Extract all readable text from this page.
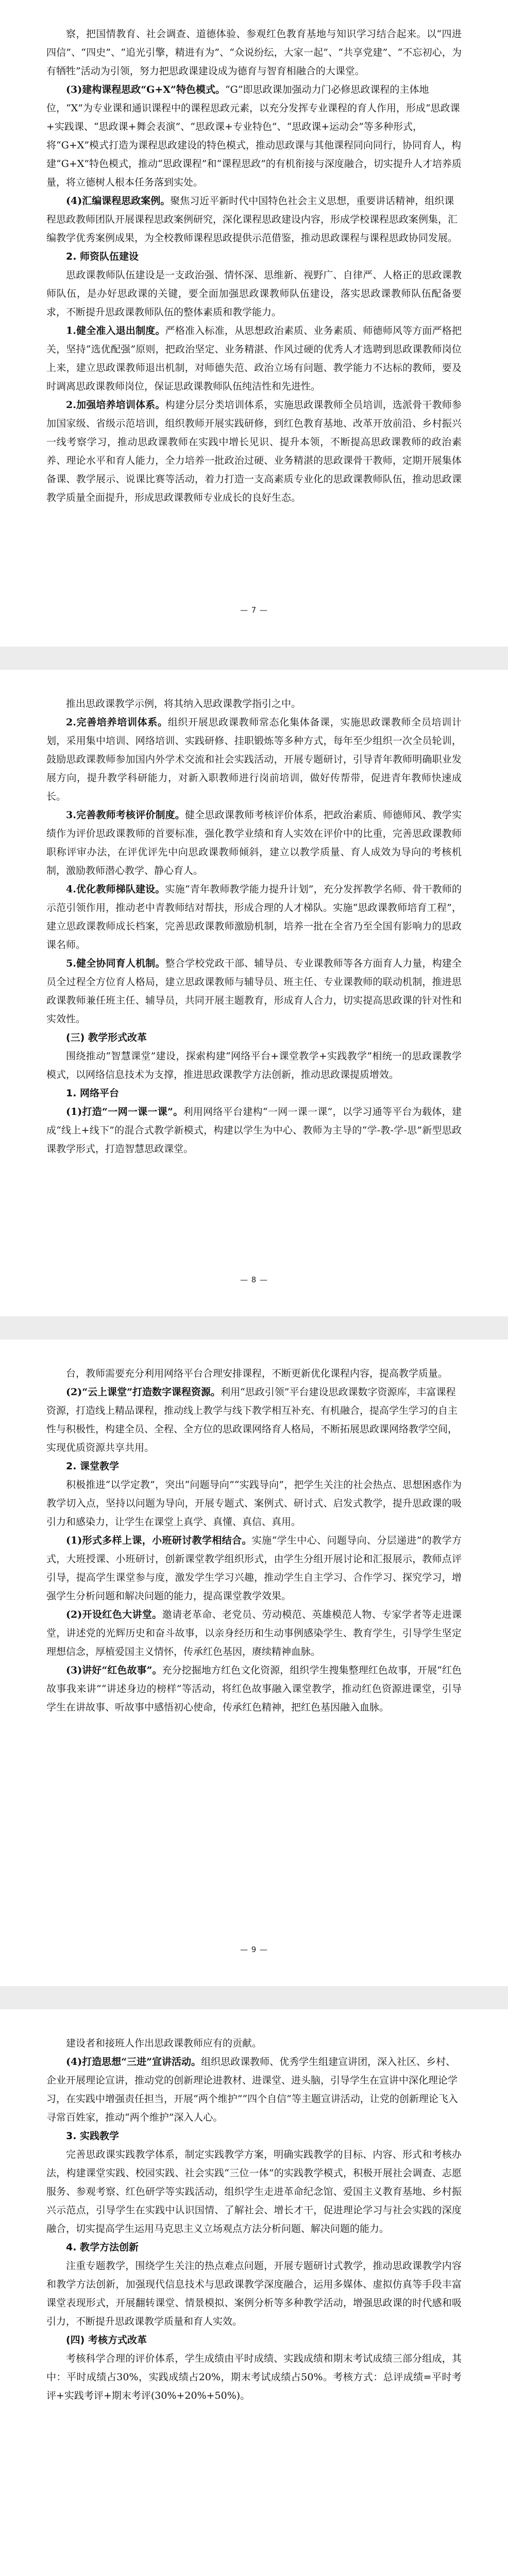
察，把国情教育、社会调查、道德体验、参观红色教育基地与知识学习结合起来。以“四进四信”、“四史”、“追光引擎，精进有为”、“众说纷纭，大家一起”、“共享党建”、“不忘初心，为有牺牲”活动为引领，努力把思政课建设成为德育与智育相融合的大课堂。

(3)建构课程思政“G+X”特色模式。“G”即思政课加强动力门必修思政课程的主体地位，“X”为专业课和通识课程中的课程思政元素，以充分发挥专业课程的育人作用，形成“思政课+实践课、“思政课+舞会表演”、“思政课+专业特色”、“思政课+运动会”等多种形式，将“G+X”模式打造为课程思政建设的特色模式，推动思政课与其他课程同向同行，协同育人，构建“G+X”特色模式，推动“思政课程”和“课程思政”的有机衔接与深度融合，切实提升人才培养质量，将立德树人根本任务落到实处。

(4)汇编课程思政案例。聚焦习近平新时代中国特色社会主义思想，重要讲话精神，组织课程思政教师团队开展课程思政案例研究，深化课程思政建设内容，形成学校课程思政案例集，汇编教学优秀案例成果，为全校教师课程思政提供示范借鉴，推动思政课程与课程思政协同发展。

2. 师资队伍建设

思政课教师队伍建设是一支政治强、情怀深、思维新、视野广、自律严、人格正的思政课教师队伍，是办好思政课的关键，要全面加强思政课教师队伍建设，落实思政课教师队伍配备要求，不断提升思政课教师队伍的整体素质和教学能力。

1.健全准入退出制度。严格准入标准，从思想政治素质、业务素质、师德师风等方面严格把关，坚持“选优配强”原则，把政治坚定、业务精湛、作风过硬的优秀人才选聘到思政课教师岗位上来，建立思政课教师退出机制，对师德失范、政治立场有问题、教学能力不达标的教师，要及时调离思政课教师岗位，保证思政课教师队伍纯洁性和先进性。

2.加强培养培训体系。构建分层分类培训体系，实施思政课教师全员培训，选派骨干教师参加国家级、省级示范培训，组织教师开展实践研修，到红色教育基地、改革开放前沿、乡村振兴一线考察学习，推动思政课教师在实践中增长见识、提升本领，不断提高思政课教师的政治素养、理论水平和育人能力，全力培养一批政治过硬、业务精湛的思政课骨干教师，定期开展集体备课、教学展示、说课比赛等活动，着力打造一支高素质专业化的思政课教师队伍，推动思政课教学质量全面提升，形成思政课教师专业成长的良好生态。

— 7 —

推出思政课教学示例，将其纳入思政课教学指引之中。

2.完善培养培训体系。组织开展思政课教师常态化集体备课，实施思政课教师全员培训计划，采用集中培训、网络培训、实践研修、挂职锻炼等多种方式，每年至少组织一次全员轮训，鼓励思政课教师参加国内外学术交流和社会实践活动，开展专题研讨，引导青年教师明确职业发展方向，提升教学科研能力，对新入职教师进行岗前培训，做好传帮带，促进青年教师快速成长。

3.完善教师考核评价制度。健全思政课教师考核评价体系，把政治素质、师德师风、教学实绩作为评价思政课教师的首要标准，强化教学业绩和育人实效在评价中的比重，完善思政课教师职称评审办法，在评优评先中向思政课教师倾斜，建立以教学质量、育人成效为导向的考核机制，激励教师潜心教学、静心育人。

4.优化教师梯队建设。实施“青年教师教学能力提升计划”，充分发挥教学名师、骨干教师的示范引领作用，推动老中青教师结对帮扶，形成合理的人才梯队。实施“思政课教师培育工程”，建立思政课教师成长档案，完善思政课教师激励机制，培养一批在全省乃至全国有影响力的思政课名师。

5.健全协同育人机制。整合学校党政干部、辅导员、专业课教师等各方面育人力量，构建全员全过程全方位育人格局，建立思政课教师与辅导员、班主任、专业课教师的联动机制，推进思政课教师兼任班主任、辅导员，共同开展主题教育，形成育人合力，切实提高思政课的针对性和实效性。

(三) 教学形式改革

围绕推动“智慧课堂”建设，探索构建“网络平台+课堂教学+实践教学”相统一的思政课教学模式，以网络信息技术为支撑，推进思政课教学方法创新，推动思政课提质增效。

1. 网络平台

(1)打造“一网一课一课”。利用网络平台建构“一网一课一课”，以学习通等平台为载体，建成“线上+线下”的混合式教学新模式，构建以学生为中心、教师为主导的“学-教-学-思”新型思政课教学形式，打造智慧思政课堂。

— 8 —

台，教师需要充分利用网络平台合理安排课程，不断更新优化课程内容，提高教学质量。

(2)“云上课堂”打造数字课程资源。利用“思政引领”平台建设思政课数字资源库，丰富课程资源，打造线上精品课程，推动线上教学与线下教学相互补充、有机融合，提高学生学习的自主性与积极性，构建全员、全程、全方位的思政课网络育人格局，不断拓展思政课网络教学空间，实现优质资源共享共用。

2. 课堂教学

积极推进“以学定教”，突出“问题导向”“实践导向”，把学生关注的社会热点、思想困惑作为教学切入点，坚持以问题为导向，开展专题式、案例式、研讨式、启发式教学，提升思政课的吸引力和感染力，让学生在课堂上真学、真懂、真信、真用。

(1)形式多样上课，小班研讨教学相结合。实施“学生中心、问题导向、分层递进”的教学方式，大班授课、小班研讨，创新课堂教学组织形式，由学生分组开展讨论和汇报展示，教师点评引导，提高学生课堂参与度，激发学生学习兴趣，推动学生自主学习、合作学习、探究学习，增强学生分析问题和解决问题的能力，提高课堂教学效果。

(2)开设红色大讲堂。邀请老革命、老党员、劳动模范、英雄模范人物、专家学者等走进课堂，讲述党的光辉历史和奋斗故事，以亲身经历和生动事例感染学生、教育学生，引导学生坚定理想信念，厚植爱国主义情怀，传承红色基因，赓续精神血脉。

(3)讲好“红色故事”。充分挖掘地方红色文化资源，组织学生搜集整理红色故事，开展“红色故事我来讲”“讲述身边的榜样”等活动，将红色故事融入课堂教学，推动红色资源进课堂，引导学生在讲故事、听故事中感悟初心使命，传承红色精神，把红色基因融入血脉。

— 9 —

建设者和接班人作出思政课教师应有的贡献。

(4)打造思想“三进”宣讲活动。组织思政课教师、优秀学生组建宣讲团，深入社区、乡村、企业开展理论宣讲，推动党的创新理论进教材、进课堂、进头脑，引导学生在宣讲中深化理论学习，在实践中增强责任担当，开展“两个维护”“四个自信”等主题宣讲活动，让党的创新理论飞入寻常百姓家，推动“两个维护”深入人心。

3. 实践教学

完善思政课实践教学体系，制定实践教学方案，明确实践教学的目标、内容、形式和考核办法，构建课堂实践、校园实践、社会实践“三位一体”的实践教学模式，积极开展社会调查、志愿服务、参观考察、红色研学等实践活动，组织学生走进革命纪念馆、爱国主义教育基地、乡村振兴示范点，引导学生在实践中认识国情、了解社会、增长才干，促进理论学习与社会实践的深度融合，切实提高学生运用马克思主义立场观点方法分析问题、解决问题的能力。

4. 教学方法创新

注重专题教学，围绕学生关注的热点难点问题，开展专题研讨式教学，推动思政课教学内容和教学方法创新，加强现代信息技术与思政课教学深度融合，运用多媒体、虚拟仿真等手段丰富课堂表现形式，开展翻转课堂、情景模拟、案例分析等多种教学活动，增强思政课的时代感和吸引力，不断提升思政课教学质量和育人实效。

(四) 考核方式改革

考核科学合理的评价体系，学生成绩由平时成绩、实践成绩和期末考试成绩三部分组成，其中：平时成绩占30%，实践成绩占20%，期末考试成绩占50%。考核方式：总评成绩=平时考评+实践考评+期末考评(30%+20%+50%)。
